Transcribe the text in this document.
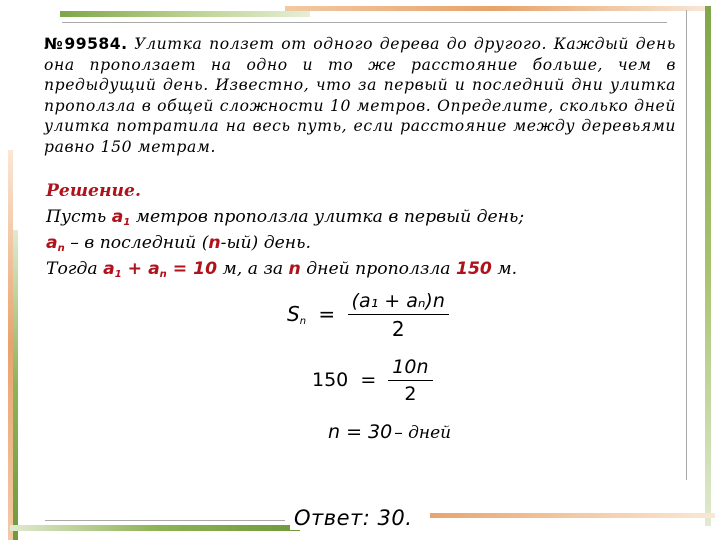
№99584. Улитка ползет от одного дерева до другого. Каждый день она проползает на одно и то же расстояние больше, чем в предыдущий день. Известно, что за первый и последний дни улитка проползла в общей сложности 10 метров. Определите, сколько дней улитка потратила на весь путь, если расстояние между деревьями равно 150 метрам.
Решение.
Пусть $a_1$ метров проползла улитка в первый день;
$a_n$ – в последний (n-ый) день.
Тогда $a_1 + a_n = 10$ м, а за n дней проползла 150 м.
$S_n = \frac{\text{(a₁ + aₙ)n}}{2}$
$150 = \frac{10n}{2}$
n = 30 – дней
Ответ: 30.
